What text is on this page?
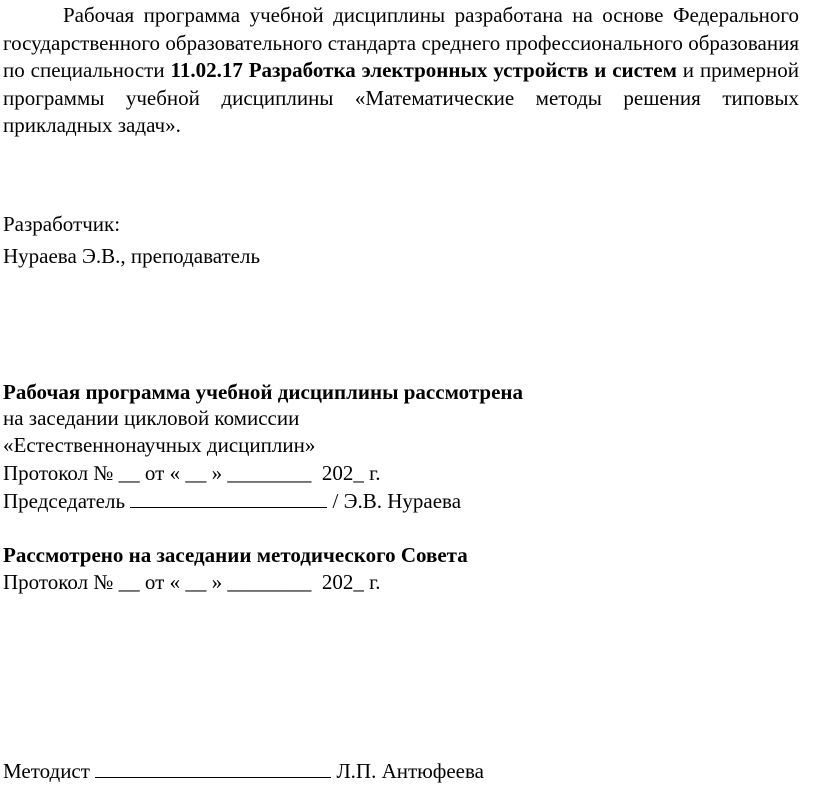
Рабочая программа учебной дисциплины разработана на основе Федерального государственного образовательного стандарта среднего профессионального образования по специальности 11.02.17 Разработка электронных устройств и систем и примерной программы учебной дисциплины «Математические методы решения типовых прикладных задач».

Разработчик:

Нураева Э.В., преподаватель

Рабочая программа учебной дисциплины рассмотрена

на заседании цикловой комиссии

«Естественнонаучных дисциплин»

Протокол № __ от « __ » ________  202_ г.

Председатель	/ Э.В. Нураева

Рассмотрено на заседании методического Совета

Протокол № __ от « __ » ________  202_ г.

Методист	Л.П. Антюфеева
